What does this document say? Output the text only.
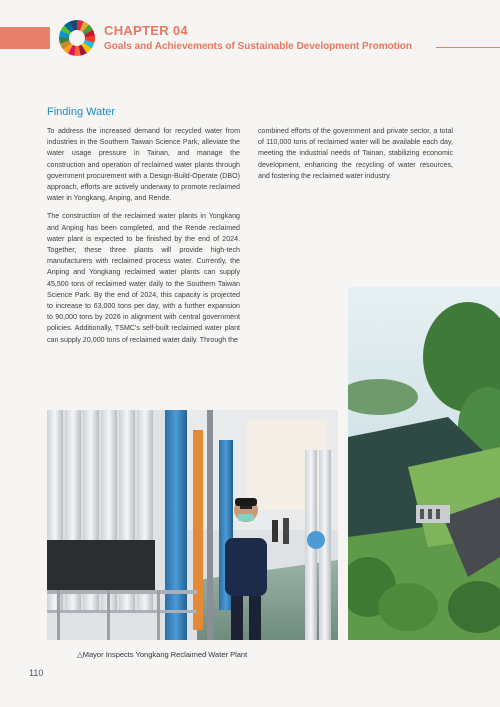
CHAPTER 04
Goals and Achievements of Sustainable Development Promotion
Finding Water

To address the increased demand for recycled water from industries in the Southern Taiwan Science Park, alleviate the water usage pressure in Tainan, and manage the construction and operation of reclaimed water plants through government procurement with a Design-Build-Operate (DBO) approach, efforts are actively underway to promote reclaimed water in Yongkang, Anping, and Rende.

The construction of the reclaimed water plants in Yongkang and Anping has been completed, and the Rende reclaimed water plant is expected to be finished by the end of 2024. Together, these three plants will provide high-tech manufacturers with reclaimed process water. Currently, the Anping and Yongkang reclaimed water plants can supply 45,500 tons of reclaimed water daily to the Southern Taiwan Science Park. By the end of 2024, this capacity is projected to increase to 63,000 tons per day, with a further expansion to 90,000 tons by 2026 in alignment with central government policies. Additionally, TSMC's self-built reclaimed water plant can supply 20,000 tons of reclaimed water daily. Through the

combined efforts of the government and private sector, a total of 110,000 tons of reclaimed water will be available each day, meeting the industrial needs of Tainan, stabilizing economic development, enhancing the recycling of water resources, and fostering the reclaimed water industry.

△Mayor Inspects Yongkang Reclaimed Water Plant
110
